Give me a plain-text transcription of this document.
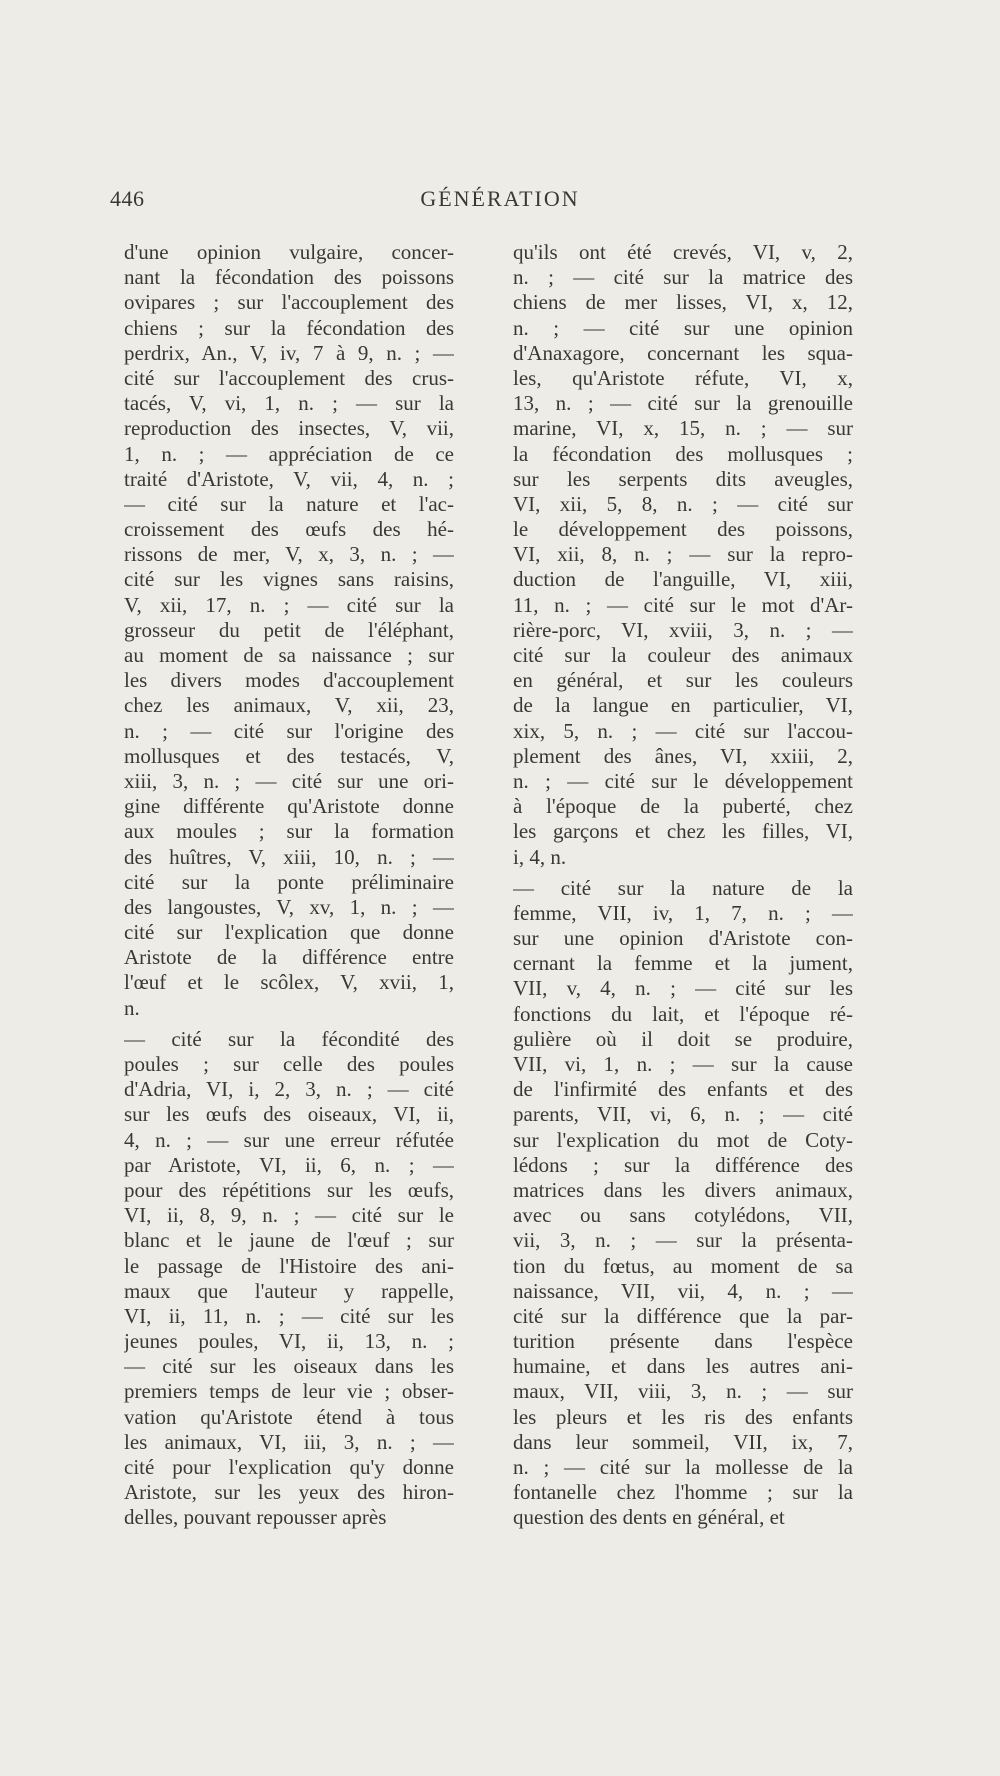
446	GÉNÉRATION
d'une opinion vulgaire, concer-
nant la fécondation des poissons
ovipares ; sur l'accouplement des
chiens ; sur la fécondation des
perdrix, An., V, iv, 7 à 9, n. ; —
cité sur l'accouplement des crus-
tacés, V, vi, 1, n. ; — sur la
reproduction des insectes, V, vii,
1, n. ; — appréciation de ce
traité d'Aristote, V, vii, 4, n. ;
— cité sur la nature et l'ac-
croissement des œufs des hé-
rissons de mer, V, x, 3, n. ; —
cité sur les vignes sans raisins,
V, xii, 17, n. ; — cité sur la
grosseur du petit de l'éléphant,
au moment de sa naissance ; sur
les divers modes d'accouplement
chez les animaux, V, xii, 23,
n. ; — cité sur l'origine des
mollusques et des testacés, V,
xiii, 3, n. ; — cité sur une ori-
gine différente qu'Aristote donne
aux moules ; sur la formation
des huîtres, V, xiii, 10, n. ; —
cité sur la ponte préliminaire
des langoustes, V, xv, 1, n. ; —
cité sur l'explication que donne
Aristote de la différence entre
l'œuf et le scôlex, V, xvii, 1,
n.
— cité sur la fécondité des
poules ; sur celle des poules
d'Adria, VI, i, 2, 3, n. ; — cité
sur les œufs des oiseaux, VI, ii,
4, n. ; — sur une erreur réfutée
par Aristote, VI, ii, 6, n. ; —
pour des répétitions sur les œufs,
VI, ii, 8, 9, n. ; — cité sur le
blanc et le jaune de l'œuf ; sur
le passage de l'Histoire des ani-
maux que l'auteur y rappelle,
VI, ii, 11, n. ; — cité sur les
jeunes poules, VI, ii, 13, n. ;
— cité sur les oiseaux dans les
premiers temps de leur vie ; obser-
vation qu'Aristote étend à tous
les animaux, VI, iii, 3, n. ; —
cité pour l'explication qu'y donne
Aristote, sur les yeux des hiron-
delles, pouvant repousser après
qu'ils ont été crevés, VI, v, 2,
n. ; — cité sur la matrice des
chiens de mer lisses, VI, x, 12,
n. ; — cité sur une opinion
d'Anaxagore, concernant les squa-
les, qu'Aristote réfute, VI, x,
13, n. ; — cité sur la grenouille
marine, VI, x, 15, n. ; — sur
la fécondation des mollusques ;
sur les serpents dits aveugles,
VI, xii, 5, 8, n. ; — cité sur
le développement des poissons,
VI, xii, 8, n. ; — sur la repro-
duction de l'anguille, VI, xiii,
11, n. ; — cité sur le mot d'Ar-
rière-porc, VI, xviii, 3, n. ; —
cité sur la couleur des animaux
en général, et sur les couleurs
de la langue en particulier, VI,
xix, 5, n. ; — cité sur l'accou-
plement des ânes, VI, xxiii, 2,
n. ; — cité sur le développement
à l'époque de la puberté, chez
les garçons et chez les filles, VI,
i, 4, n.
— cité sur la nature de la
femme, VII, iv, 1, 7, n. ; —
sur une opinion d'Aristote con-
cernant la femme et la jument,
VII, v, 4, n. ; — cité sur les
fonctions du lait, et l'époque ré-
gulière où il doit se produire,
VII, vi, 1, n. ; — sur la cause
de l'infirmité des enfants et des
parents, VII, vi, 6, n. ; — cité
sur l'explication du mot de Coty-
lédons ; sur la différence des
matrices dans les divers animaux,
avec ou sans cotylédons, VII,
vii, 3, n. ; — sur la présenta-
tion du fœtus, au moment de sa
naissance, VII, vii, 4, n. ; —
cité sur la différence que la par-
turition présente dans l'espèce
humaine, et dans les autres ani-
maux, VII, viii, 3, n. ; — sur
les pleurs et les ris des enfants
dans leur sommeil, VII, ix, 7,
n. ; — cité sur la mollesse de la
fontanelle chez l'homme ; sur la
question des dents en général, et
